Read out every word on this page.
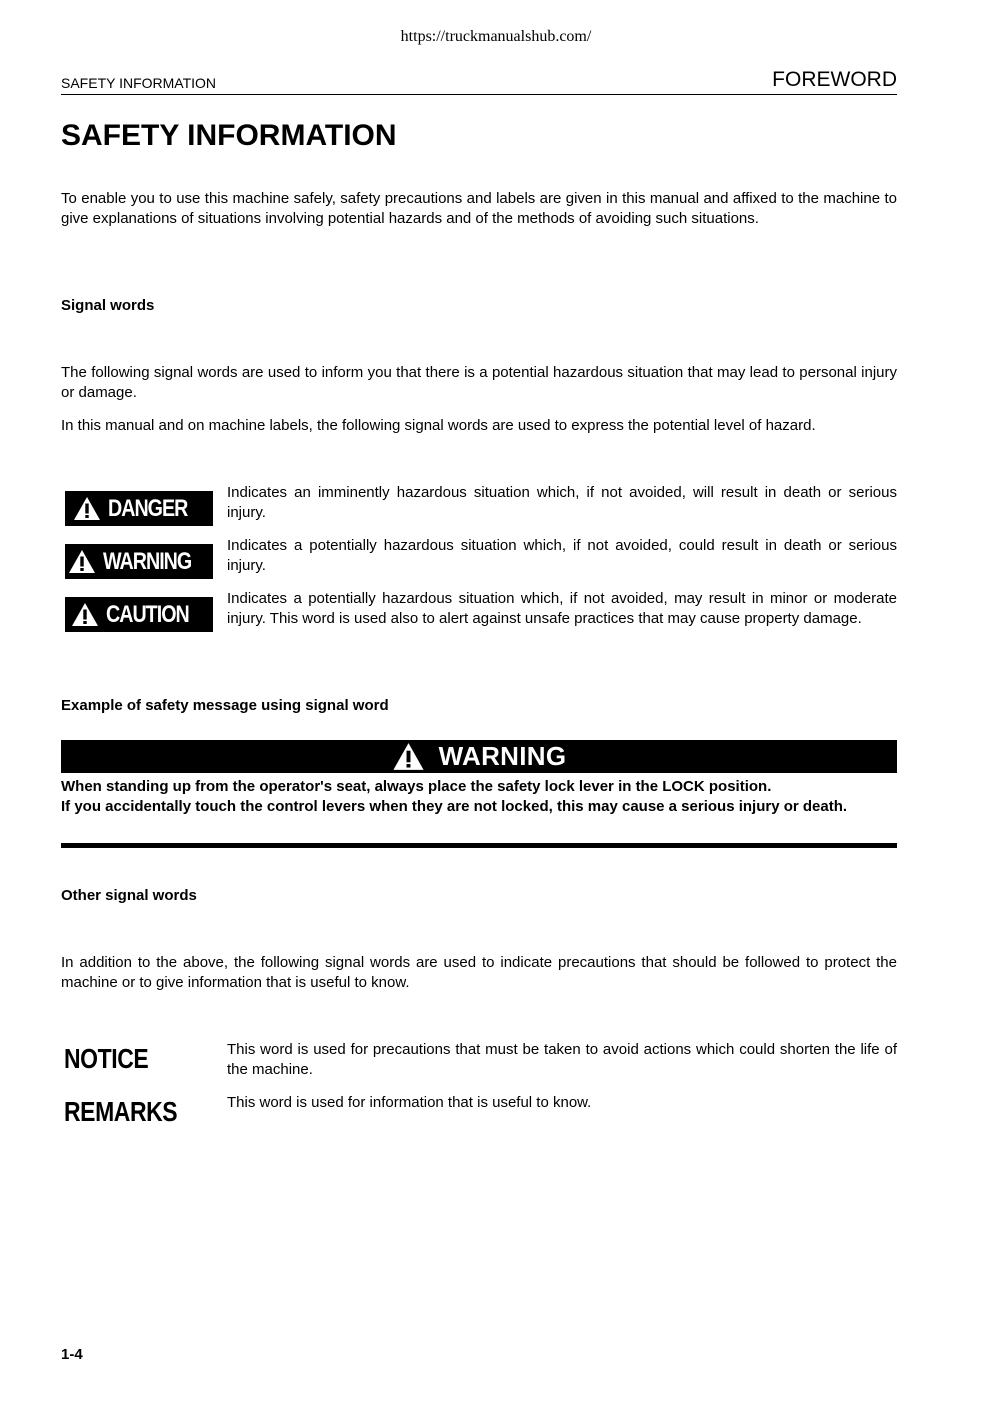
https://truckmanualshub.com/
SAFETY INFORMATION	FOREWORD
SAFETY INFORMATION

To enable you to use this machine safely, safety precautions and labels are given in this manual and affixed to the machine to give explanations of situations involving potential hazards and of the methods of avoiding such situations.

Signal words

The following signal words are used to inform you that there is a potential hazardous situation that may lead to personal injury or damage.

In this manual and on machine labels, the following signal words are used to express the potential level of hazard.

DANGER

Indicates an imminently hazardous situation which, if not avoided, will result in death or serious injury.

WARNING

Indicates a potentially hazardous situation which, if not avoided, could result in death or serious injury.

CAUTION

Indicates a potentially hazardous situation which, if not avoided, may result in minor or moderate injury. This word is used also to alert against unsafe practices that may cause property damage.

Example of safety message using signal word
WARNING
When standing up from the operator's seat, always place the safety lock lever in the LOCK position.
If you accidentally touch the control levers when they are not locked, this may cause a serious injury or death.
Other signal words

In addition to the above, the following signal words are used to indicate precautions that should be followed to protect the machine or to give information that is useful to know.

NOTICE	This word is used for precautions that must be taken to avoid actions which could shorten the life of the machine.

REMARKS	This word is used for information that is useful to know.

1-4
